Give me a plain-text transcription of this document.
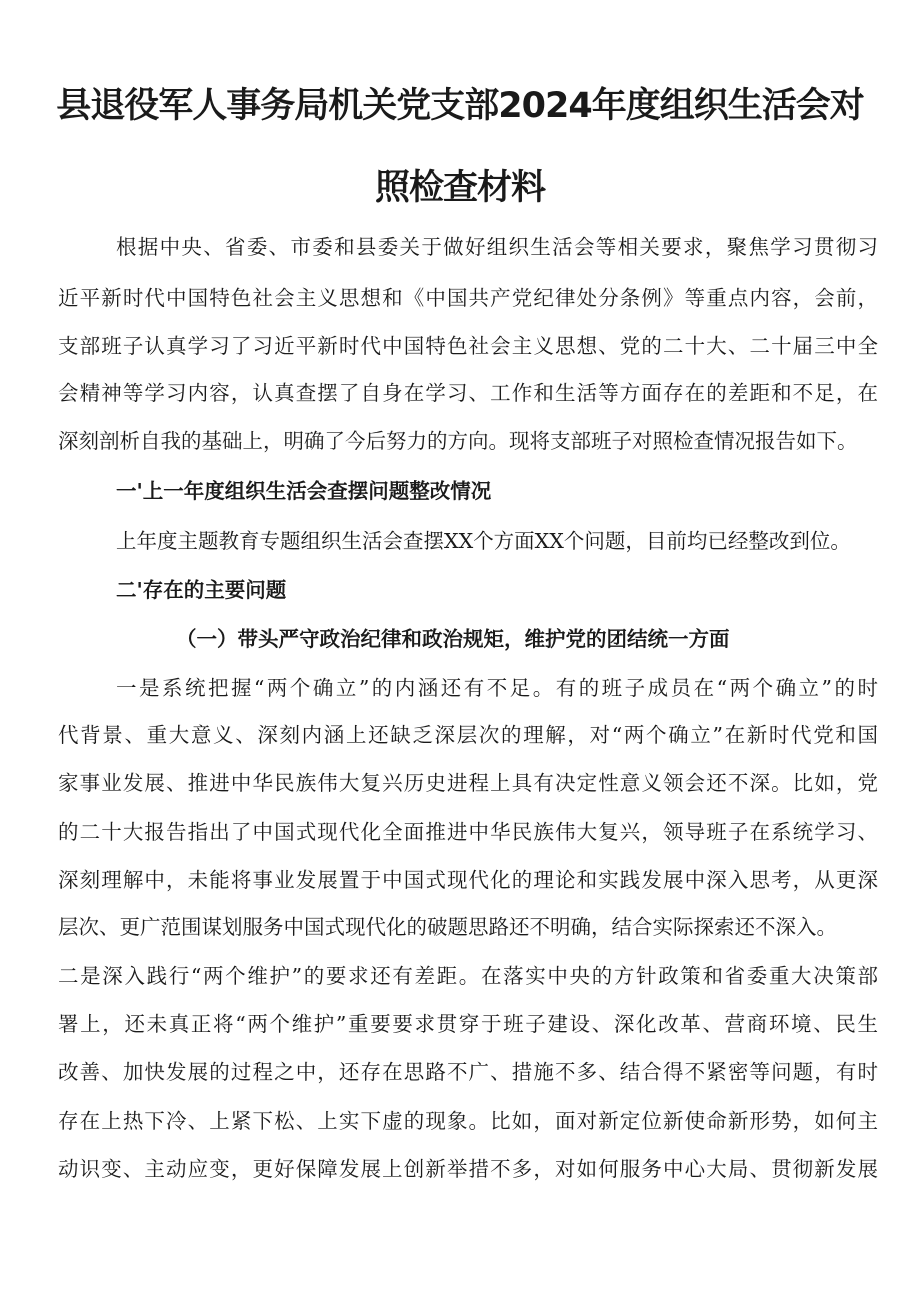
县退役军人事务局机关党支部2024年度组织生活会对
照检查材料
根据中央、省委、市委和县委关于做好组织生活会等相关要求，聚焦学习贯彻习
近平新时代中国特色社会主义思想和《中国共产党纪律处分条例》等重点内容，会前，
支部班子认真学习了习近平新时代中国特色社会主义思想、党的二十大、二十届三中全
会精神等学习内容，认真查摆了自身在学习、工作和生活等方面存在的差距和不足，在
深刻剖析自我的基础上，明确了今后努力的方向。现将支部班子对照检查情况报告如下。
一'上一年度组织生活会查摆问题整改情况
上年度主题教育专题组织生活会查摆XX个方面XX个问题，目前均已经整改到位。
二'存在的主要问题
（一）带头严守政治纪律和政治规矩，维护党的团结统一方面
一是系统把握“两个确立”的内涵还有不足。有的班子成员在“两个确立”的时
代背景、重大意义、深刻内涵上还缺乏深层次的理解，对“两个确立”在新时代党和国
家事业发展、推进中华民族伟大复兴历史进程上具有决定性意义领会还不深。比如，党
的二十大报告指出了中国式现代化全面推进中华民族伟大复兴，领导班子在系统学习、
深刻理解中，未能将事业发展置于中国式现代化的理论和实践发展中深入思考，从更深
层次、更广范围谋划服务中国式现代化的破题思路还不明确，结合实际探索还不深入。
二是深入践行“两个维护”的要求还有差距。在落实中央的方针政策和省委重大决策部
署上，还未真正将“两个维护”重要要求贯穿于班子建设、深化改革、营商环境、民生
改善、加快发展的过程之中，还存在思路不广、措施不多、结合得不紧密等问题，有时
存在上热下冷、上紧下松、上实下虚的现象。比如，面对新定位新使命新形势，如何主
动识变、主动应变，更好保障发展上创新举措不多，对如何服务中心大局、贯彻新发展
